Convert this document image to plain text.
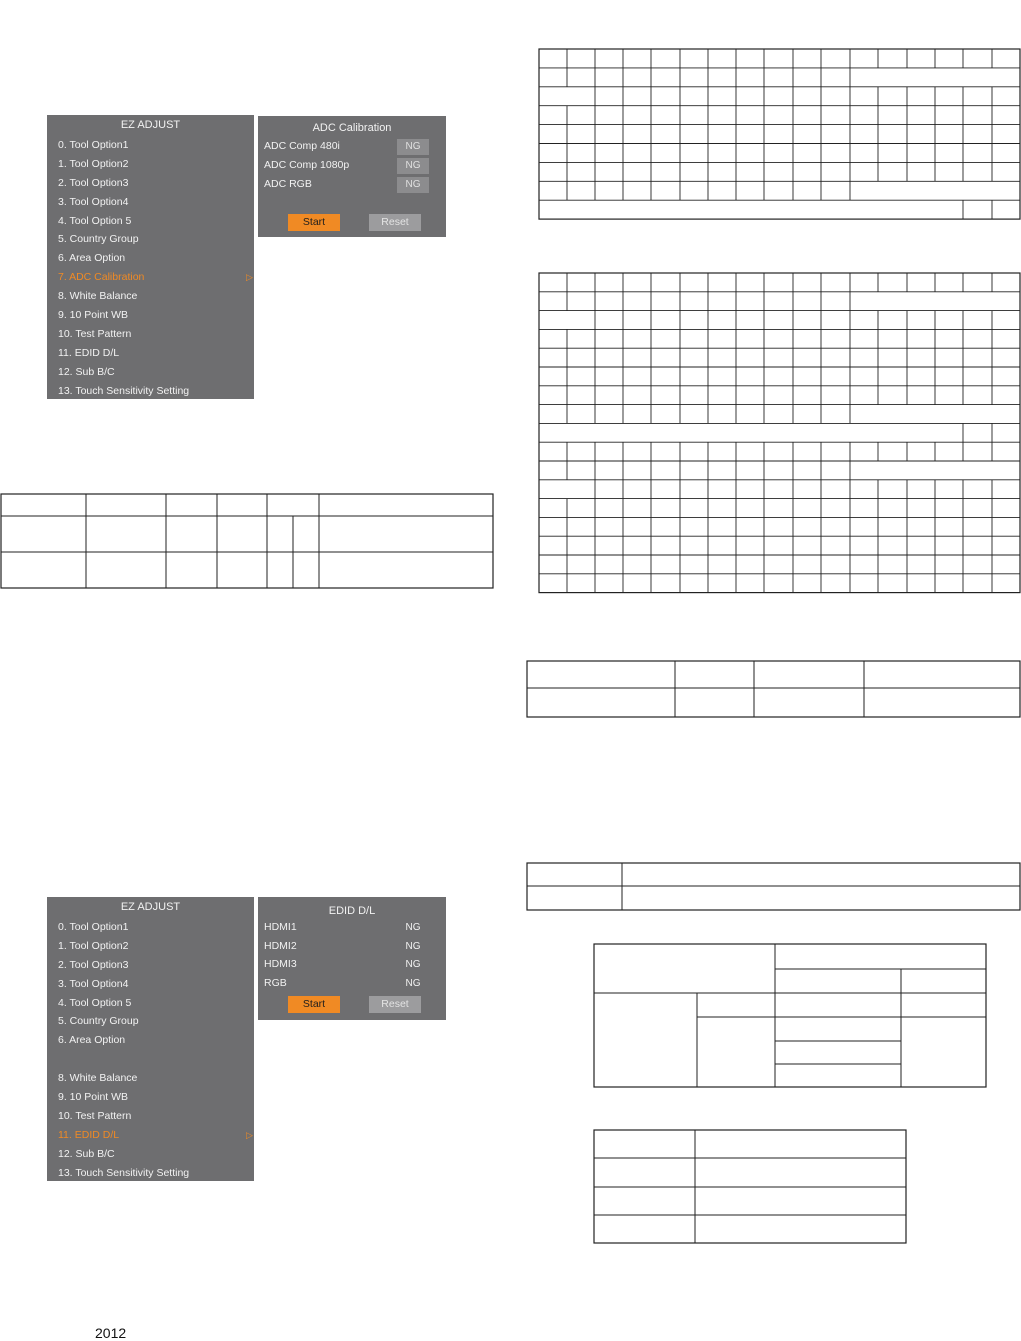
EZ ADJUST
0. Tool Option1
1. Tool Option2
2. Tool Option3
3. Tool Option4
4. Tool Option 5
5. Country Group
6. Area Option
7. ADC Calibration	▷
8. White Balance
9. 10 Point WB
10. Test Pattern
11. EDID D/L
12. Sub B/C
13. Touch Sensitivity Setting
ADC Calibration
ADC Comp 480i	NG
ADC Comp 1080p	NG
ADC RGB	NG
Start	Reset
EZ ADJUST
0. Tool Option1
1. Tool Option2
2. Tool Option3
3. Tool Option4
4. Tool Option 5
5. Country Group
6. Area Option
8. White Balance
9. 10 Point WB
10. Test Pattern
11. EDID D/L	▷
12. Sub B/C
13. Touch Sensitivity Setting
EDID D/L
HDMI1	NG
HDMI2	NG
HDMI3	NG
RGB	NG
Start	Reset
2012
